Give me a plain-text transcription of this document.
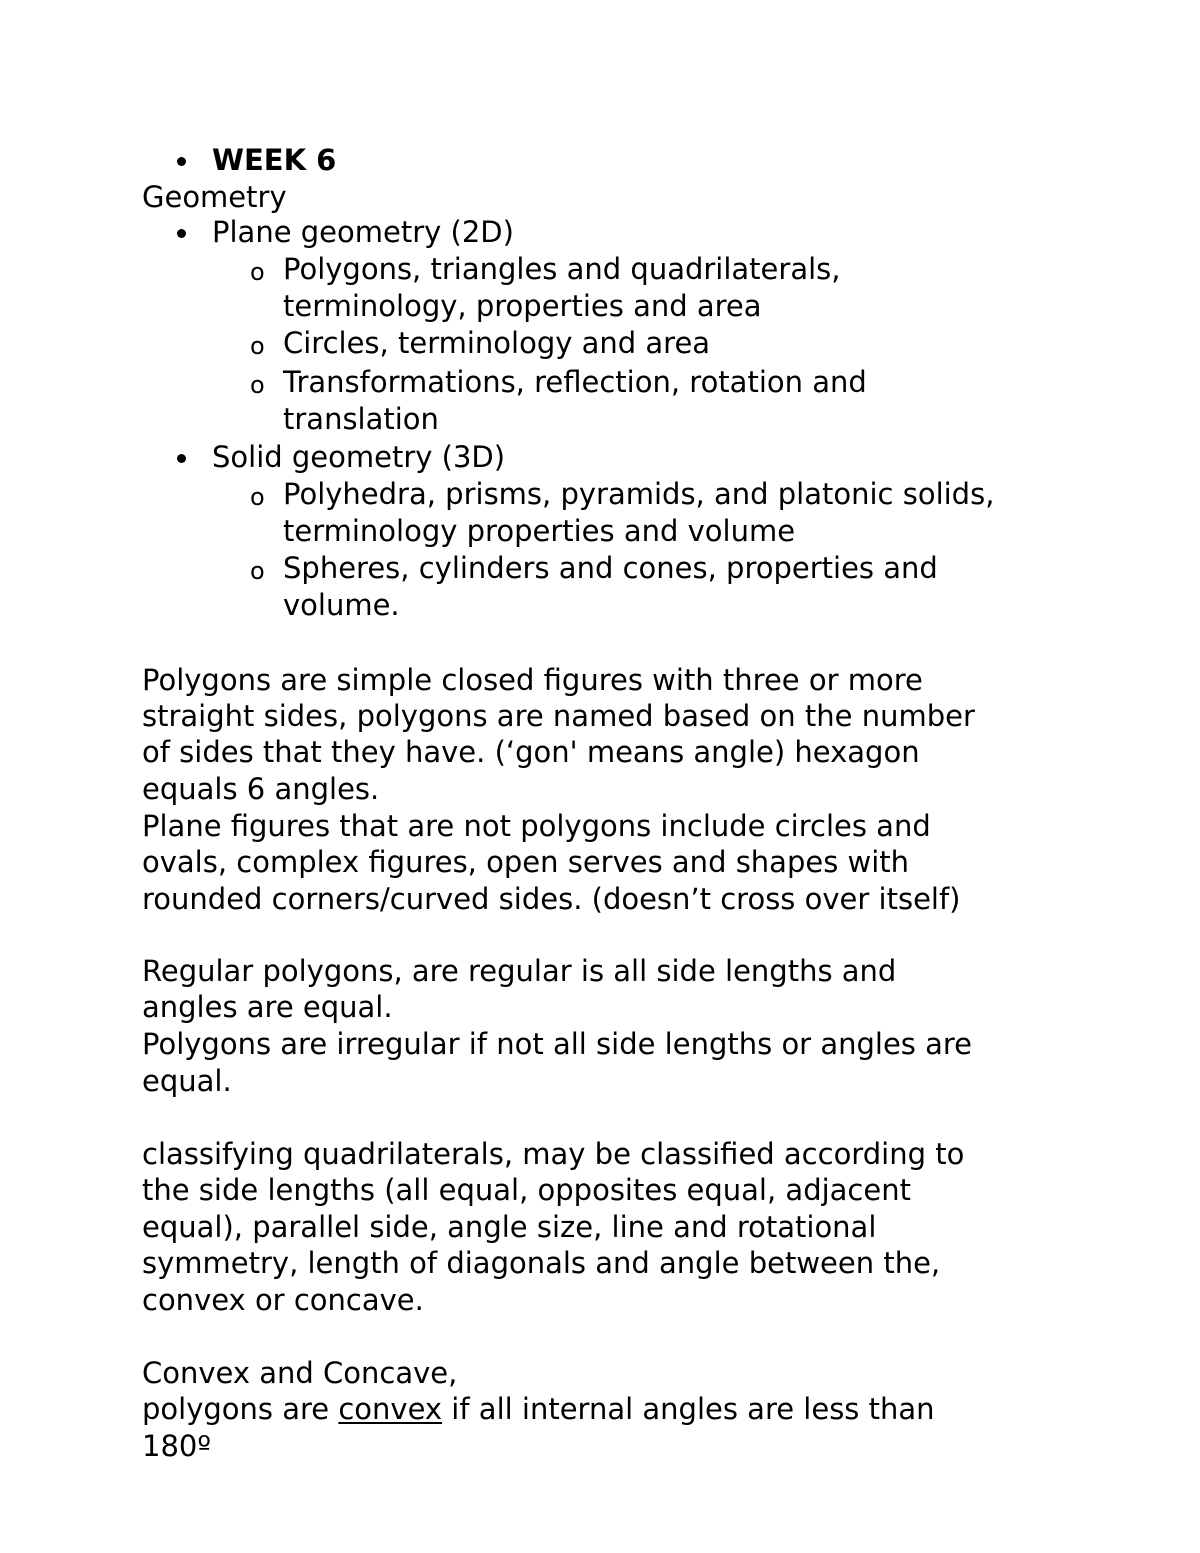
WEEK 6
Geometry
Plane geometry (2D)
o Polygons, triangles and quadrilaterals,
terminology, properties and area
o Circles, terminology and area
o Transformations, reflection, rotation and
translation
Solid geometry (3D)
o Polyhedra, prisms, pyramids, and platonic solids,
terminology properties and volume
o Spheres, cylinders and cones, properties and
volume.
Polygons are simple closed figures with three or more
straight sides, polygons are named based on the number
of sides that they have. (‘gon' means angle) hexagon
equals 6 angles.
Plane figures that are not polygons include circles and
ovals, complex figures, open serves and shapes with
rounded corners/curved sides. (doesn’t cross over itself)
Regular polygons, are regular is all side lengths and
angles are equal.
Polygons are irregular if not all side lengths or angles are
equal.
classifying quadrilaterals, may be classified according to
the side lengths (all equal, opposites equal, adjacent
equal), parallel side, angle size, line and rotational
symmetry, length of diagonals and angle between the,
convex or concave.
Convex and Concave,
polygons are convex if all internal angles are less than
180º
